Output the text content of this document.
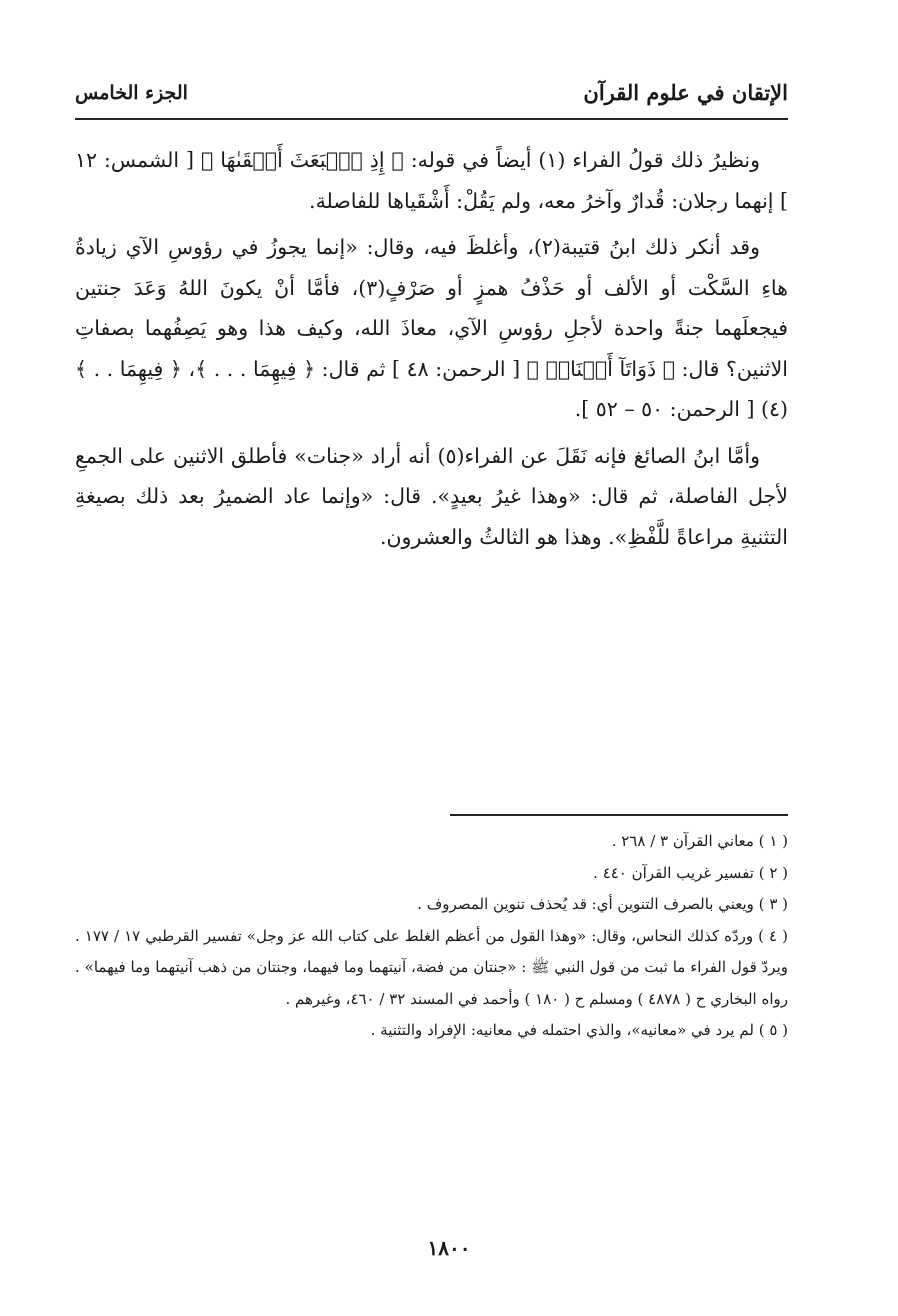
الإتقان في علوم القرآن
الجزء الخامس

ونظيرُ ذلك قولُ الفراء (١) أيضاً في قوله: ﴿ إِذِ ٱنۢبَعَثَ أَشۡقَىٰهَا ﴾ [ الشمس: ١٢ ] إنهما رجلان: قُدارٌ وآخرُ معه، ولم يَقُلْ: أَشْقَياها للفاصلة.

وقد أنكر ذلك ابنُ قتيبة(٢)، وأغلظَ فيه، وقال: «إنما يجوزُ في رؤوسِ الآي زيادةُ هاءِ السَّكْت أو الألف أو حَذْفُ همزٍ أو صَرْفٍ(٣)، فأمَّا أنْ يكونَ اللهُ وَعَدَ جنتين فيجعلَهما جنةً واحدة لأجلِ رؤوسِ الآي، معاذَ الله، وكيف هذا وهو يَصِفُهما بصفاتِ الاثنين؟ قال: ﴿ ذَوَاتَآ أَفۡنَانٖ ﴾ [ الرحمن: ٤٨ ] ثم قال: ﴿ فِيهِمَا . . . ﴾، ﴿ فِيهِمَا . . ﴾(٤) [ الرحمن: ٥٠ – ٥٢ ].

وأمَّا ابنُ الصائغ فإنه نَقَلَ عن الفراء(٥) أنه أراد «جنات» فأطلق الاثنين على الجمعِ لأجل الفاصلة، ثم قال: «وهذا غيرُ بعيدٍ». قال: «وإنما عاد الضميرُ بعد ذلك بصيغةِ التثنيةِ مراعاةً للَّفْظِ». وهذا هو الثالثُ والعشرون.

( ١ ) معاني القرآن ٣ / ٢٦٨ .

( ٢ ) تفسير غريب القرآن ٤٤٠ .

( ٣ ) ويعني بالصرف التنوين أي: قد يُحذف تنوين المصروف .

( ٤ ) وردّه كذلك النحاس، وقال: «وهذا القول من أعظم الغلط على كتاب الله عز وجل» تفسير القرطبي ١٧ / ١٧٧ . ويردّ قول الفراء ما ثبت من قول النبي ﷺ : «جنتان من فضة، آنيتهما وما فيهما، وجنتان من ذهب آنيتهما وما فيهما» . رواه البخاري ح ( ٤٨٧٨ ) ومسلم ح ( ١٨٠ ) وأحمد في المسند ٣٢ / ٤٦٠، وغيرهم .

( ٥ ) لم يرد في «معانيه»، والذي احتمله في معانيه: الإفراد والتثنية .

١٨٠٠
